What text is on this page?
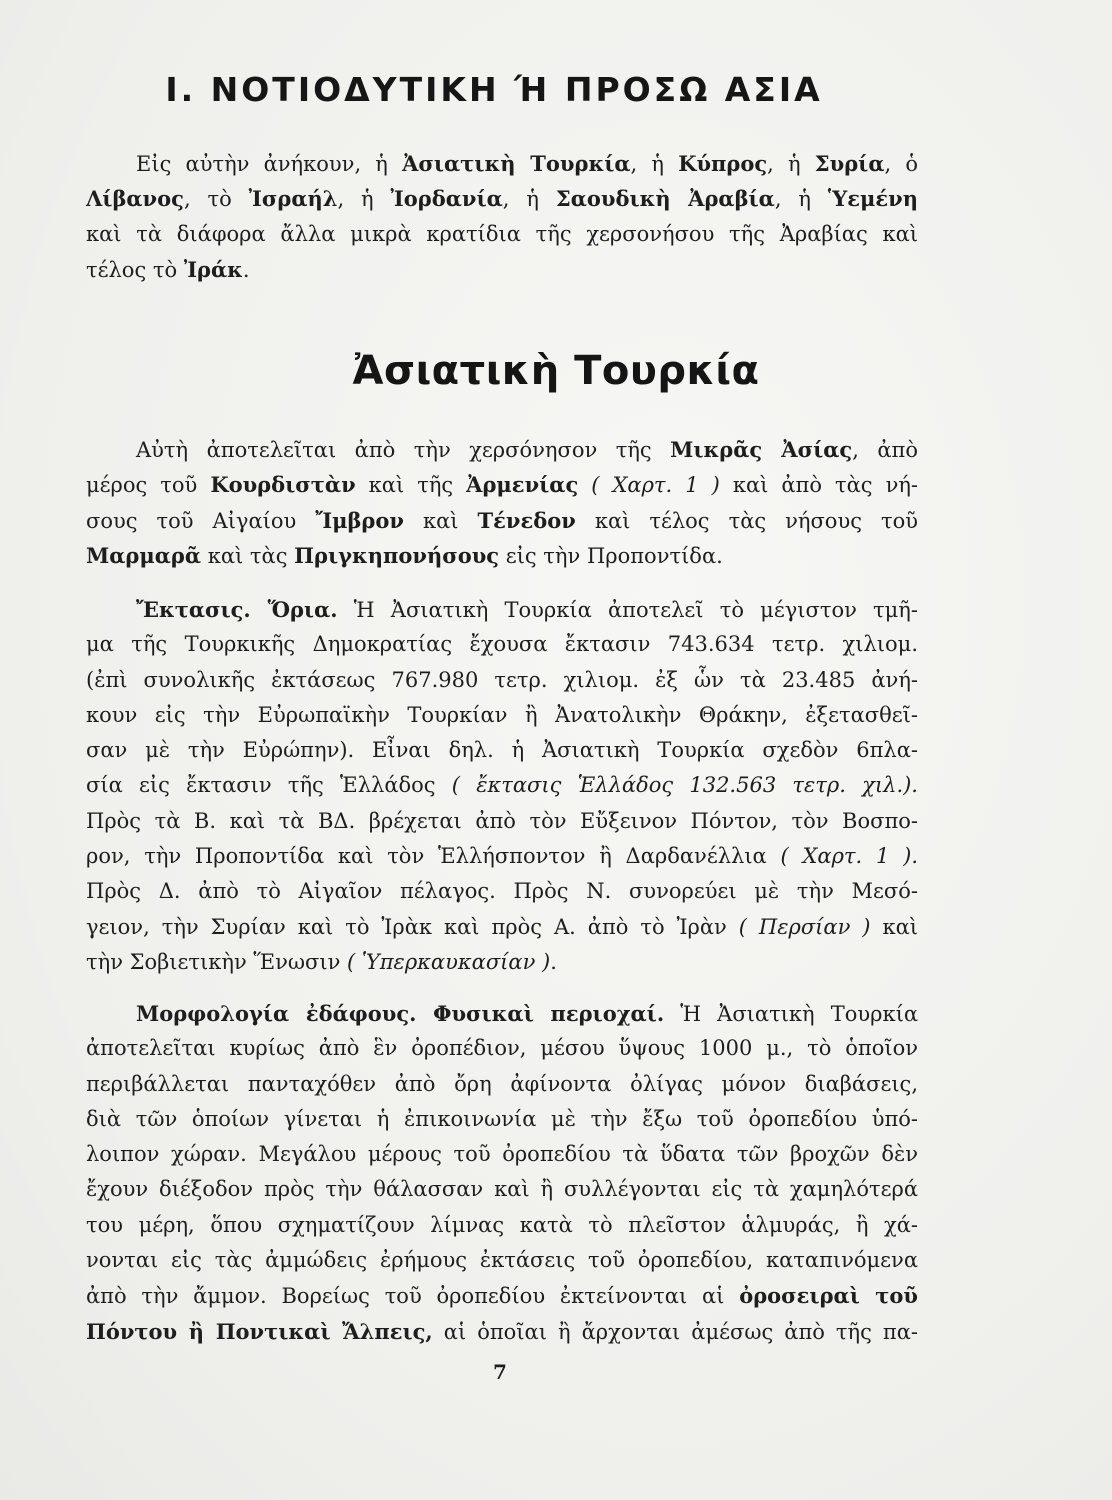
I. ΝΟΤΙΟΔΥΤΙΚΗ Ή ΠΡΟΣΩ ΑΣΙΑ
Εἰς αὐτὴν ἀνήκουν, ἡ Ἀσιατικὴ Τουρκία, ἡ Κύπρος, ἡ Συρία, ὁ
Λίβανος, τὸ Ἰσραήλ, ἡ Ἰορδανία, ἡ Σαουδικὴ Ἀραβία, ἡ Ὑεμένη
καὶ τὰ διάφορα ἄλλα μικρὰ κρατίδια τῆς χερσονήσου τῆς Ἀραβίας καὶ
τέλος τὸ Ἰράκ.
Ἀσιατικὴ Τουρκία
Αὐτὴ ἀποτελεῖται ἀπὸ τὴν χερσόνησον τῆς Μικρᾶς Ἀσίας, ἀπὸ
μέρος τοῦ Κουρδιστὰν καὶ τῆς Ἀρμενίας ( Χαρτ. 1 ) καὶ ἀπὸ τὰς νή-
σους τοῦ Αἰγαίου Ἴμβρον καὶ Τένεδον καὶ τέλος τὰς νήσους τοῦ
Μαρμαρᾶ καὶ τὰς Πριγκηπονήσους εἰς τὴν Προποντίδα.
Ἔκτασις. Ὅρια. Ἡ Ἀσιατικὴ Τουρκία ἀποτελεῖ τὸ μέγιστον τμῆ-
μα τῆς Τουρκικῆς Δημοκρατίας ἔχουσα ἔκτασιν 743.634 τετρ. χιλιομ.
(ἐπὶ συνολικῆς ἐκτάσεως 767.980 τετρ. χιλιομ. ἐξ ὧν τὰ 23.485 ἀνή-
κουν εἰς τὴν Εὐρωπαϊκὴν Τουρκίαν ἢ Ἀνατολικὴν Θράκην, ἐξετασθεῖ-
σαν μὲ τὴν Εὐρώπην). Εἶναι δηλ. ἡ Ἀσιατικὴ Τουρκία σχεδὸν 6πλα-
σία εἰς ἔκτασιν τῆς Ἑλλάδος ( ἔκτασις Ἑλλάδος 132.563 τετρ. χιλ.).
Πρὸς τὰ Β. καὶ τὰ ΒΔ. βρέχεται ἀπὸ τὸν Εὔξεινον Πόντον, τὸν Βοσπο-
ρον, τὴν Προποντίδα καὶ τὸν Ἑλλήσποντον ἢ Δαρδανέλλια ( Χαρτ. 1 ).
Πρὸς Δ. ἀπὸ τὸ Αἰγαῖον πέλαγος. Πρὸς Ν. συνορεύει μὲ τὴν Μεσό-
γειον, τὴν Συρίαν καὶ τὸ Ἰρὰκ καὶ πρὸς Α. ἀπὸ τὸ Ἰρὰν ( Περσίαν ) καὶ
τὴν Σοβιετικὴν Ἕνωσιν ( Ὑπερκαυκασίαν ).
Μορφολογία ἐδάφους. Φυσικαὶ περιοχαί. Ἡ Ἀσιατικὴ Τουρκία
ἀποτελεῖται κυρίως ἀπὸ ἓν ὀροπέδιον, μέσου ὕψους 1000 μ., τὸ ὁποῖον
περιβάλλεται πανταχόθεν ἀπὸ ὄρη ἀφίνοντα ὀλίγας μόνον διαβάσεις,
διὰ τῶν ὁποίων γίνεται ἡ ἐπικοινωνία μὲ τὴν ἔξω τοῦ ὀροπεδίου ὑπό-
λοιπον χώραν. Μεγάλου μέρους τοῦ ὀροπεδίου τὰ ὕδατα τῶν βροχῶν δὲν
ἔχουν διέξοδον πρὸς τὴν θάλασσαν καὶ ἢ συλλέγονται εἰς τὰ χαμηλότερά
του μέρη, ὅπου σχηματίζουν λίμνας κατὰ τὸ πλεῖστον ἁλμυράς, ἢ χά-
νονται εἰς τὰς ἀμμώδεις ἐρήμους ἐκτάσεις τοῦ ὀροπεδίου, καταπινόμενα
ἀπὸ τὴν ἄμμον. Βορείως τοῦ ὀροπεδίου ἐκτείνονται αἱ ὀροσειραὶ τοῦ
Πόντου ἢ Ποντικαὶ Ἄλπεις, αἱ ὁποῖαι ἢ ἄρχονται ἀμέσως ἀπὸ τῆς πα-
7
